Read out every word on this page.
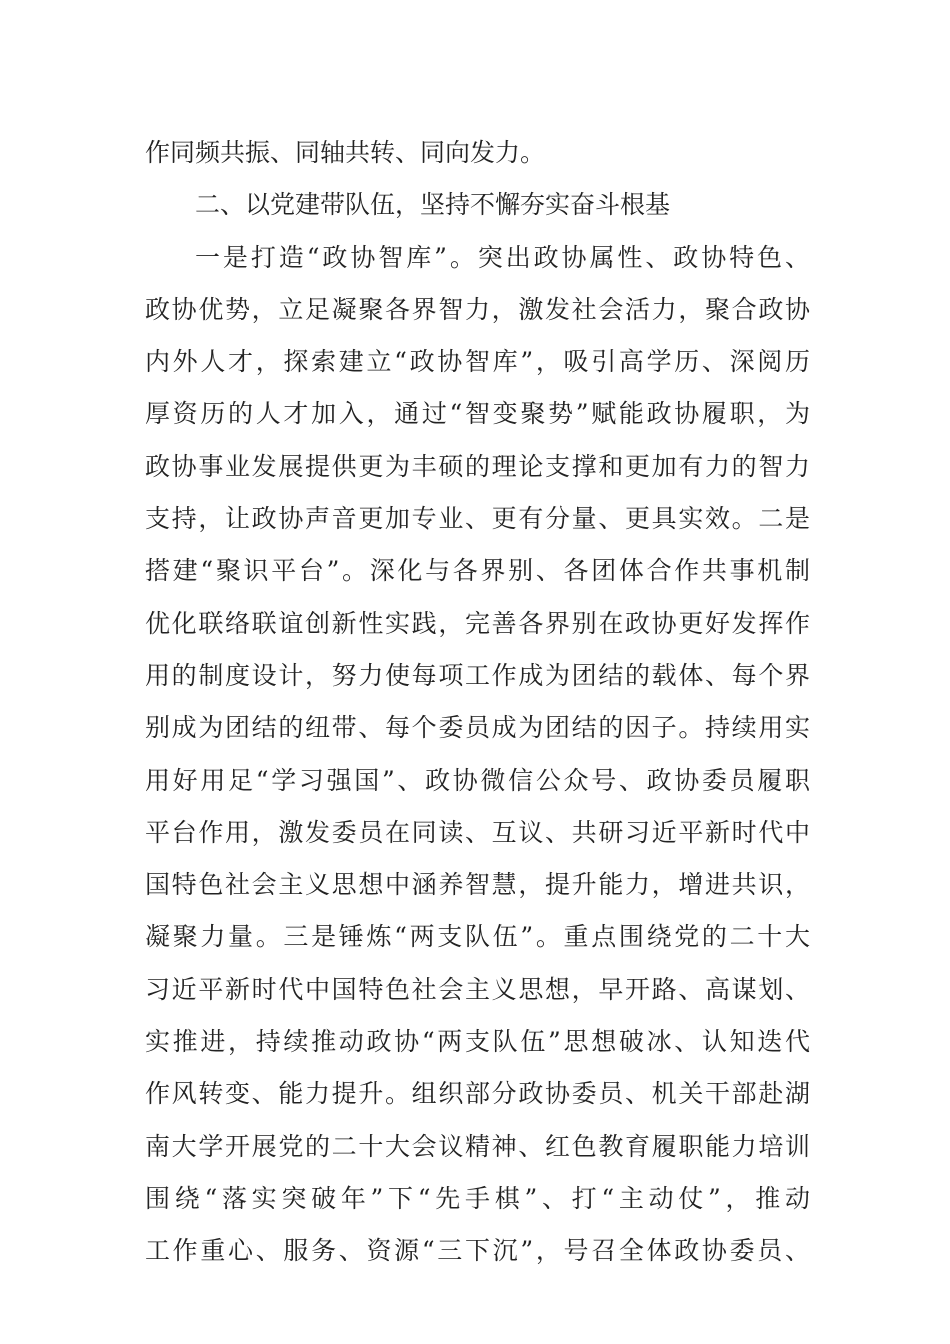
作同频共振、同轴共转、同向发力。
二、以党建带队伍，坚持不懈夯实奋斗根基
一是打造“政协智库”。突出政协属性、政协特色、
政协优势，立足凝聚各界智力，激发社会活力，聚合政协
内外人才，探索建立“政协智库”，吸引高学历、深阅历
厚资历的人才加入，通过“智变聚势”赋能政协履职，为
政协事业发展提供更为丰硕的理论支撑和更加有力的智力
支持，让政协声音更加专业、更有分量、更具实效。二是
搭建“聚识平台”。深化与各界别、各团体合作共事机制
优化联络联谊创新性实践，完善各界别在政协更好发挥作
用的制度设计，努力使每项工作成为团结的载体、每个界
别成为团结的纽带、每个委员成为团结的因子。持续用实
用好用足“学习强国”、政协微信公众号、政协委员履职
平台作用，激发委员在同读、互议、共研习近平新时代中
国特色社会主义思想中涵养智慧，提升能力，增进共识，
凝聚力量。三是锤炼“两支队伍”。重点围绕党的二十大
习近平新时代中国特色社会主义思想，早开路、高谋划、
实推进，持续推动政协“两支队伍”思想破冰、认知迭代
作风转变、能力提升。组织部分政协委员、机关干部赴湖
南大学开展党的二十大会议精神、红色教育履职能力培训
围绕“落实突破年”下“先手棋”、打“主动仗”，推动
工作重心、服务、资源“三下沉”，号召全体政协委员、
